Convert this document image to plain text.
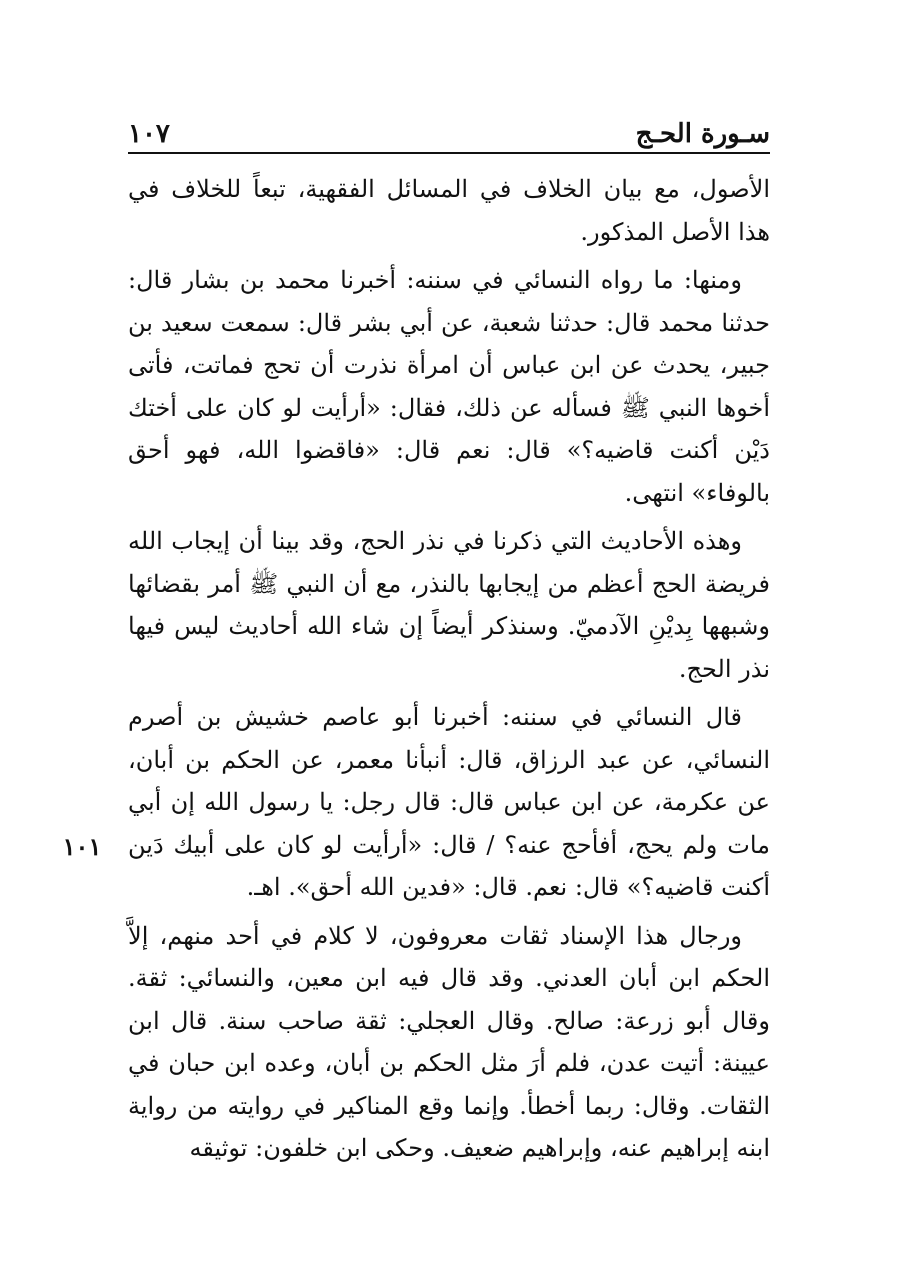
سـورة الحـج
١٠٧

الأصول، مع بيان الخلاف في المسائل الفقهية، تبعاً للخلاف في هذا الأصل المذكور.

ومنها: ما رواه النسائي في سننه: أخبرنا محمد بن بشار قال: حدثنا محمد قال: حدثنا شعبة، عن أبي بشر قال: سمعت سعيد بن جبير، يحدث عن ابن عباس أن امرأة نذرت أن تحج فماتت، فأتى أخوها النبي ﷺ فسأله عن ذلك، فقال: «أرأيت لو كان على أختك دَيْن أكنت قاضيه؟» قال: نعم قال: «فاقضوا الله، فهو أحق بالوفاء» انتهى.

وهذه الأحاديث التي ذكرنا في نذر الحج، وقد بينا أن إيجاب الله فريضة الحج أعظم من إيجابها بالنذر، مع أن النبي ﷺ أمر بقضائها وشبهها بِديْنِ الآدميّ. وسنذكر أيضاً إن شاء الله أحاديث ليس فيها نذر الحج.

قال النسائي في سننه: أخبرنا أبو عاصم خشيش بن أصرم النسائي، عن عبد الرزاق، قال: أنبأنا معمر، عن الحكم بن أبان، عن عكرمة، عن ابن عباس قال: قال رجل: يا رسول الله إن أبي مات ولم يحج، أفأحج عنه؟ / قال: «أرأيت لو كان على أبيك دَين أكنت قاضيه؟» قال: نعم. قال: «فدين الله أحق». اهـ.

ورجال هذا الإسناد ثقات معروفون، لا كلام في أحد منهم، إلاَّ الحكم ابن أبان العدني. وقد قال فيه ابن معين، والنسائي: ثقة. وقال أبو زرعة: صالح. وقال العجلي: ثقة صاحب سنة. قال ابن عيينة: أتيت عدن، فلم أرَ مثل الحكم بن أبان، وعده ابن حبان في الثقات. وقال: ربما أخطأ. وإنما وقع المناكير في روايته من رواية ابنه إبراهيم عنه، وإبراهيم ضعيف. وحكى ابن خلفون: توثيقه

١٠١
